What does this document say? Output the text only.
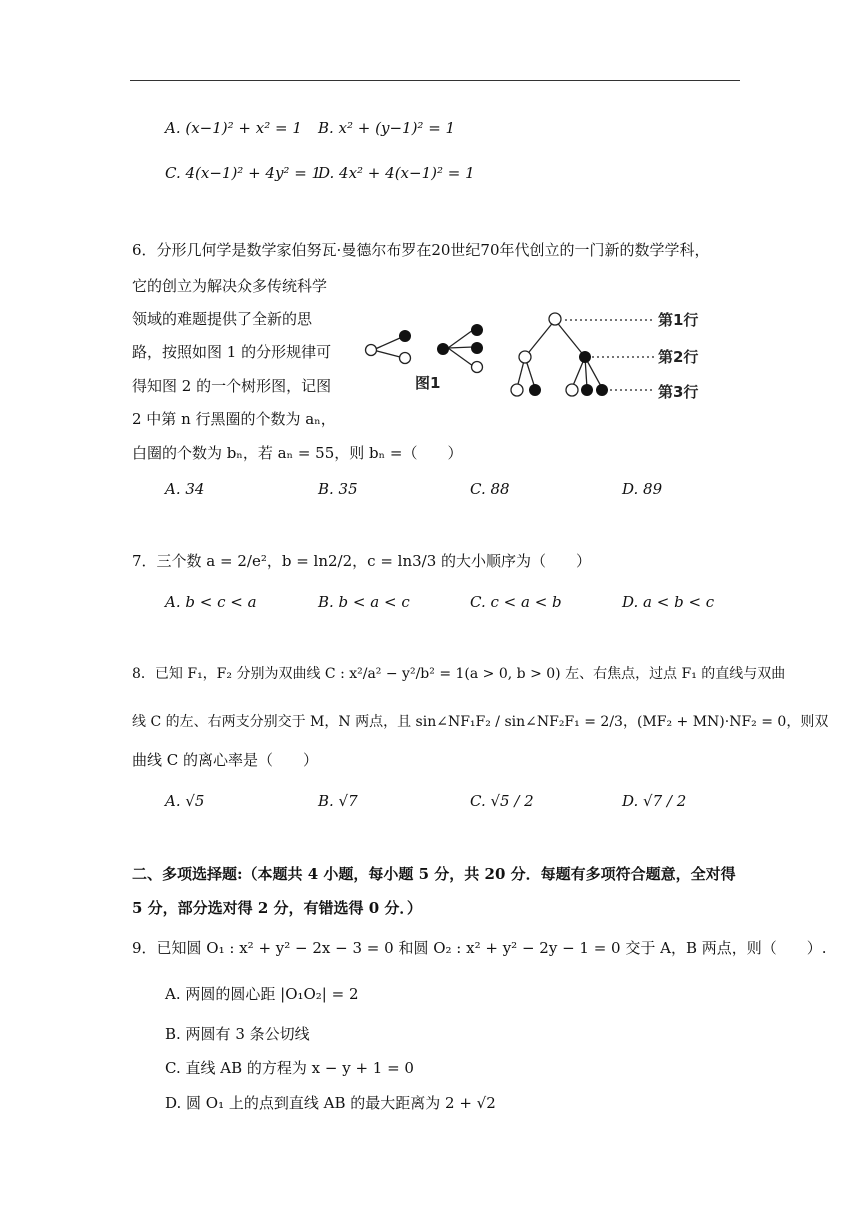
A. (x−1)² + x² = 1 B. x² + (y−1)² = 1
C. 4(x−1)² + 4y² = 1
D. 4x² + 4(x−1)² = 1
6．分形几何学是数学家伯努瓦·曼德尔布罗在20世纪70年代创立的一门新的数学学科，
它的创立为解决众多传统科学
领域的难题提供了全新的思
路，按照如图 1 的分形规律可
得知图 2 的一个树形图，记图
2 中第 n 行黑圈的个数为 aₙ，
白圈的个数为 bₙ，若 aₙ = 55，则 bₙ =（　　）
图1
第1行
第2行
第3行
A. 34	B. 35	C. 88	D. 89
7．三个数 a = 2/e²，b = ln2/2，c = ln3/3 的大小顺序为（　　）
A. b < c < a	B. b < a < c	C. c < a < b	D. a < b < c
8．已知 F₁，F₂ 分别为双曲线 C : x²/a² − y²/b² = 1(a > 0, b > 0) 左、右焦点，过点 F₁ 的直线与双曲
线 C 的左、右两支分别交于 M，N 两点，且 sin∠NF₁F₂ / sin∠NF₂F₁ = 2/3，(MF₂ + MN)·NF₂ = 0，则双
曲线 C 的离心率是（　　）
A. √5	B. √7	C. √5 / 2	D. √7 / 2
二、多项选择题:（本题共 4 小题，每小题 5 分，共 20 分．每题有多项符合题意，全对得
5 分，部分选对得 2 分，有错选得 0 分．）
9．已知圆 O₁ : x² + y² − 2x − 3 = 0 和圆 O₂ : x² + y² − 2y − 1 = 0 交于 A，B 两点，则（　　）.
A. 两圆的圆心距 |O₁O₂| = 2
B. 两圆有 3 条公切线
C. 直线 AB 的方程为 x − y + 1 = 0
D. 圆 O₁ 上的点到直线 AB 的最大距离为 2 + √2
